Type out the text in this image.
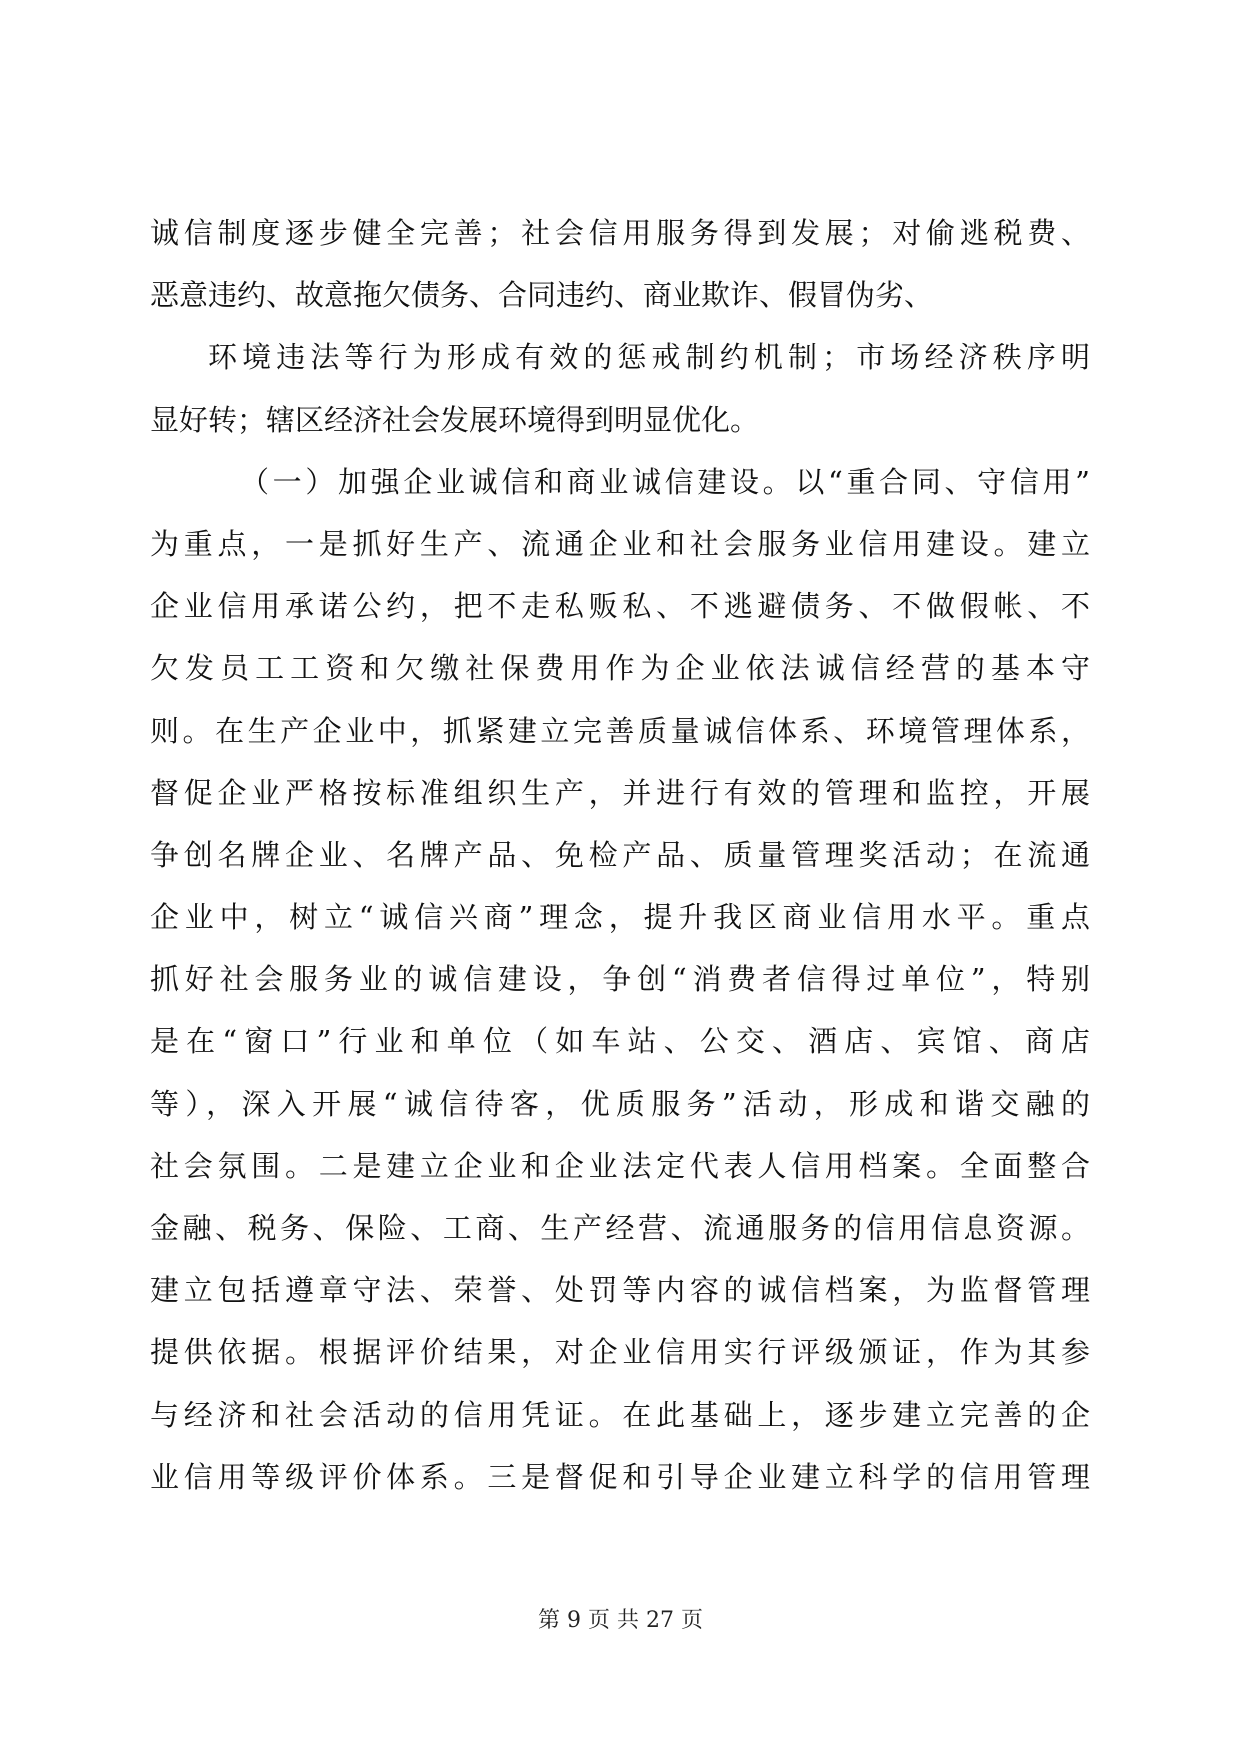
诚信制度逐步健全完善；社会信用服务得到发展；对偷逃税费、
恶意违约、故意拖欠债务、合同违约、商业欺诈、假冒伪劣、
环境违法等行为形成有效的惩戒制约机制；市场经济秩序明
显好转；辖区经济社会发展环境得到明显优化。
（一）加强企业诚信和商业诚信建设。以“重合同、守信用”
为重点，一是抓好生产、流通企业和社会服务业信用建设。建立
企业信用承诺公约，把不走私贩私、不逃避债务、不做假帐、不
欠发员工工资和欠缴社保费用作为企业依法诚信经营的基本守
则。在生产企业中，抓紧建立完善质量诚信体系、环境管理体系，
督促企业严格按标准组织生产，并进行有效的管理和监控，开展
争创名牌企业、名牌产品、免检产品、质量管理奖活动；在流通
企业中，树立“诚信兴商”理念，提升我区商业信用水平。重点
抓好社会服务业的诚信建设，争创“消费者信得过单位”，特别
是在“窗口”行业和单位（如车站、公交、酒店、宾馆、商店
等），深入开展“诚信待客，优质服务”活动，形成和谐交融的
社会氛围。二是建立企业和企业法定代表人信用档案。全面整合
金融、税务、保险、工商、生产经营、流通服务的信用信息资源。
建立包括遵章守法、荣誉、处罚等内容的诚信档案，为监督管理
提供依据。根据评价结果，对企业信用实行评级颁证，作为其参
与经济和社会活动的信用凭证。在此基础上，逐步建立完善的企
业信用等级评价体系。三是督促和引导企业建立科学的信用管理
第 9 页 共 27 页
